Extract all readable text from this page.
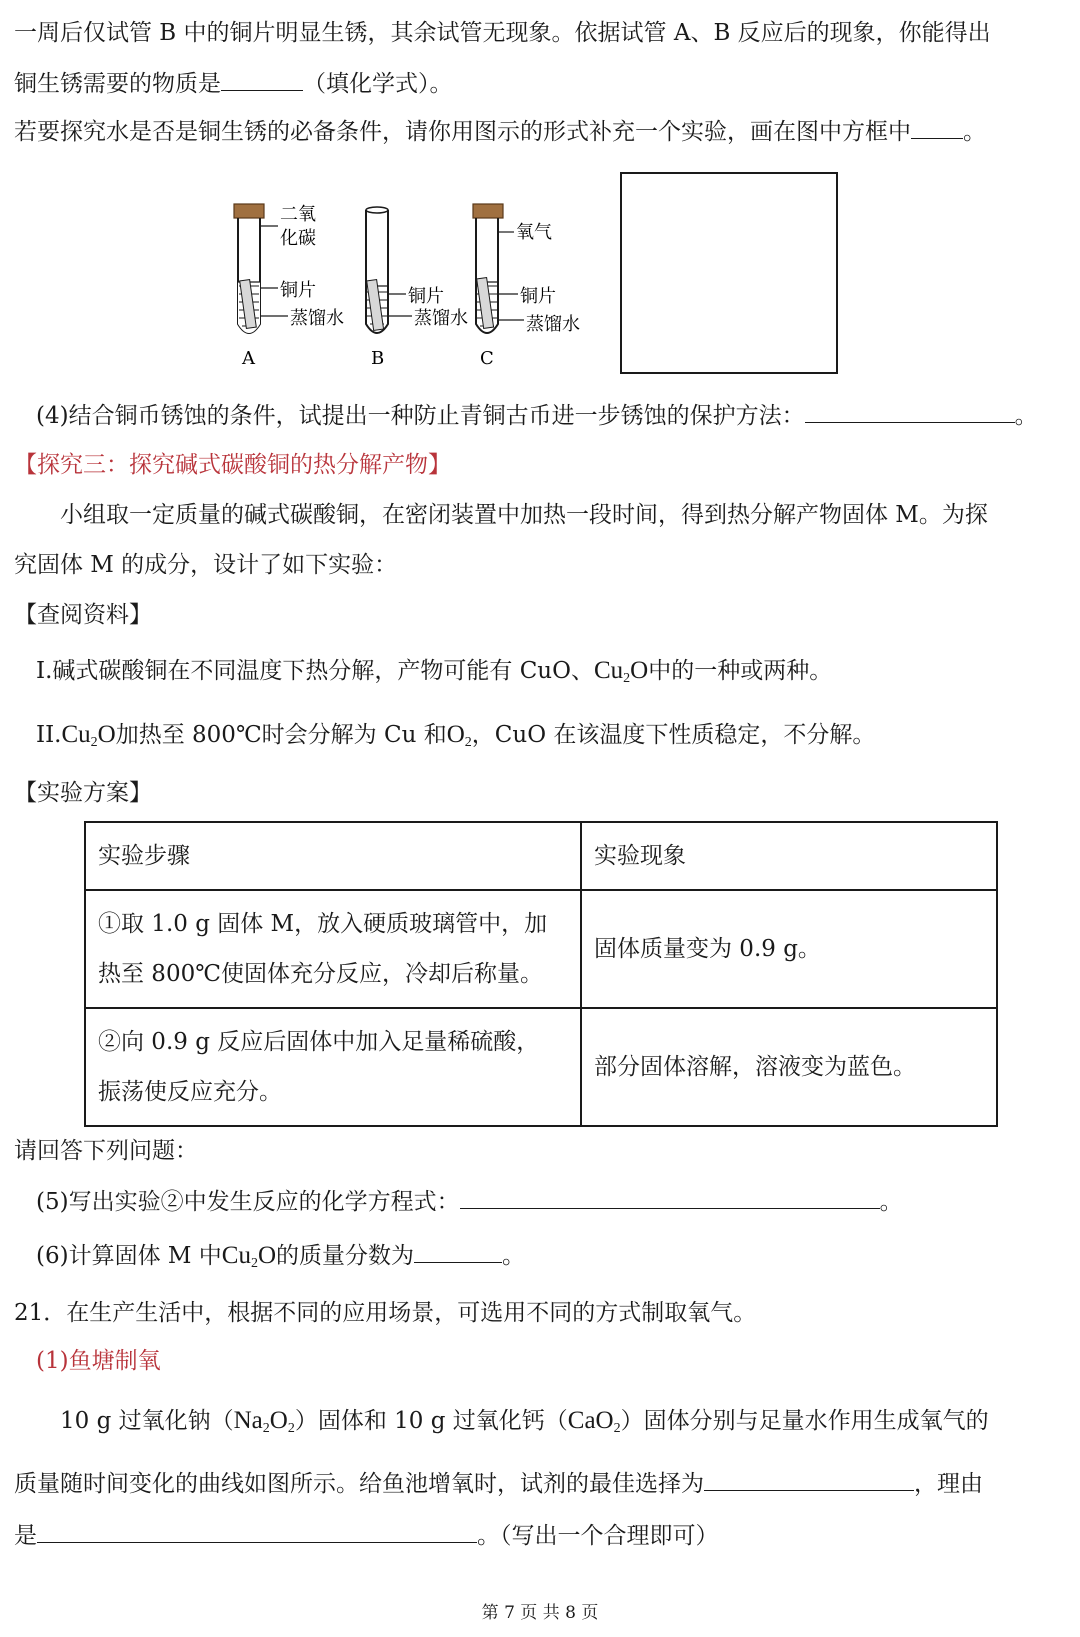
一周后仅试管 B 中的铜片明显生锈，其余试管无现象。依据试管 A、B 反应后的现象，你能得出
铜生锈需要的物质是	（填化学式）。
若要探究水是否是铜生锈的必备条件，请你用图示的形式补充一个实验，画在图中方框中 。
二氧
化碳
铜片
蒸馏水
铜片
蒸馏水
氧气
铜片
蒸馏水
A	B	C
(4)结合铜币锈蚀的条件，试提出一种防止青铜古币进一步锈蚀的保护方法：	。
【探究三：探究碱式碳酸铜的热分解产物】
小组取一定质量的碱式碳酸铜，在密闭装置中加热一段时间，得到热分解产物固体 M。为探
究固体 M 的成分，设计了如下实验：
【查阅资料】
I.碱式碳酸铜在不同温度下热分解，产物可能有 CuO、$Cu_2O$中的一种或两种。
$II.Cu_2O$加热至 800℃时会分解为 Cu 和$O_2$，CuO 在该温度下性质稳定，不分解。
【实验方案】
实验步骤	实验现象

①取 1.0 g 固体 M，放入硬质玻璃管中，加
热至 800℃使固体充分反应，冷却后称量。	固体质量变为 0.9 g。

②向 0.9 g 反应后固体中加入足量稀硫酸，
振荡使反应充分。	部分固体溶解，溶液变为蓝色。
请回答下列问题：
(5)写出实验②中发生反应的化学方程式：	。
(6)计算固体 M 中$Cu_2O$的质量分数为	。
21．在生产生活中，根据不同的应用场景，可选用不同的方式制取氧气。
(1)鱼塘制氧
10 g 过氧化钠$(Na_2O_2)$固体和 10 g 过氧化钙（CaO$_2$）固体分别与足量水作用生成氧气的
质量随时间变化的曲线如图所示。给鱼池增氧时，试剂的最佳选择为	，理由
是	。（写出一个合理即可）
第 7 页 共 8 页
